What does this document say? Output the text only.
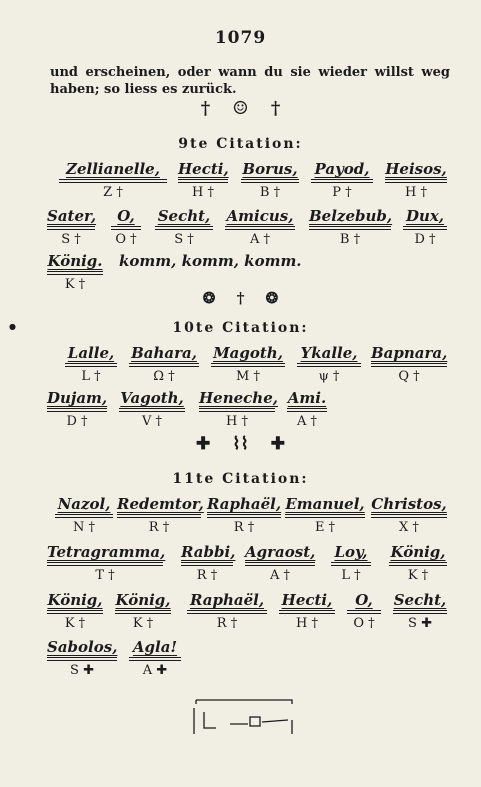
1079
und erscheinen, oder wann du sie wieder willst weg
haben; so liess es zurück.
† ☺ †
9te Citation:
Zellianelle,
Z †
Hecti,
H †
Borus,
B †
Payod,
P †
Heisos,
H †
Sater,
S †
O,
O †
Secht,
S †
Amicus,
A †
Belzebub,
B †
Dux,
D †
König.
K †
komm, komm, komm.
❂ † ❂
●	10te Citation:
Lalle,
L †
Bahara,
Ω †
Magoth,
M †
Ykalle,
ψ †
Bapnara,
Q †
Dujam,
D †
Vagoth,
V †
Heneche,
H †
Ami.
A †
✚ ⌇⌇ ✚
11te Citation:
Nazol,
N †
Redemtor,
R †
Raphaël,
R †
Emanuel,
E †
Christos,
X †
Tetragramma,
T †
Rabbi,
R †
Agraost,
A †
Loy,
L †
König,
K †
König,
K †
König,
K †
Raphaël,
R †
Hecti,
H †
O,
O †
Secht,
S ✚
Sabolos,
S ✚
Agla!
A ✚
